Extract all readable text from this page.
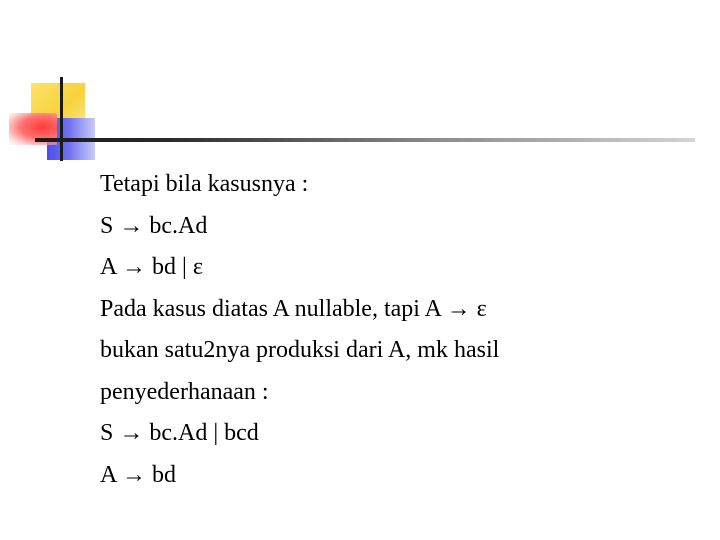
Tetapi bila kasusnya :

S → bc.Ad

A → bd | ε

Pada kasus diatas A nullable, tapi A → ε

bukan satu2nya produksi dari A, mk hasil

penyederhanaan :

S → bc.Ad | bcd

A → bd
